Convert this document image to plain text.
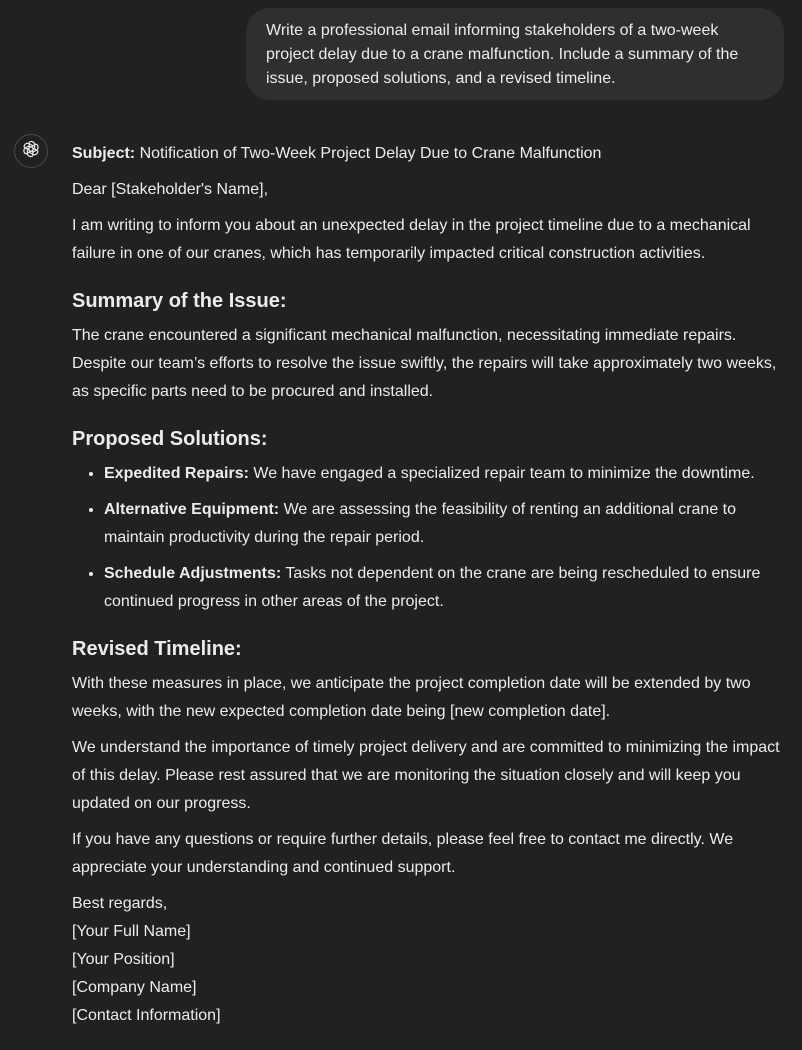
Write a professional email informing stakeholders of a two-week project delay due to a crane malfunction. Include a summary of the issue, proposed solutions, and a revised timeline.

Subject: Notification of Two-Week Project Delay Due to Crane Malfunction

Dear [Stakeholder's Name],

I am writing to inform you about an unexpected delay in the project timeline due to a mechanical failure in one of our cranes, which has temporarily impacted critical construction activities.

Summary of the Issue:

The crane encountered a significant mechanical malfunction, necessitating immediate repairs. Despite our team’s efforts to resolve the issue swiftly, the repairs will take approximately two weeks, as specific parts need to be procured and installed.

Proposed Solutions:
• Expedited Repairs: We have engaged a specialized repair team to minimize the downtime.
• Alternative Equipment: We are assessing the feasibility of renting an additional crane to maintain productivity during the repair period.
• Schedule Adjustments: Tasks not dependent on the crane are being rescheduled to ensure continued progress in other areas of the project.
Revised Timeline:

With these measures in place, we anticipate the project completion date will be extended by two weeks, with the new expected completion date being [new completion date].

We understand the importance of timely project delivery and are committed to minimizing the impact of this delay. Please rest assured that we are monitoring the situation closely and will keep you updated on our progress.

If you have any questions or require further details, please feel free to contact me directly. We appreciate your understanding and continued support.

Best regards,

[Your Full Name]

[Your Position]

[Company Name]

[Contact Information]
